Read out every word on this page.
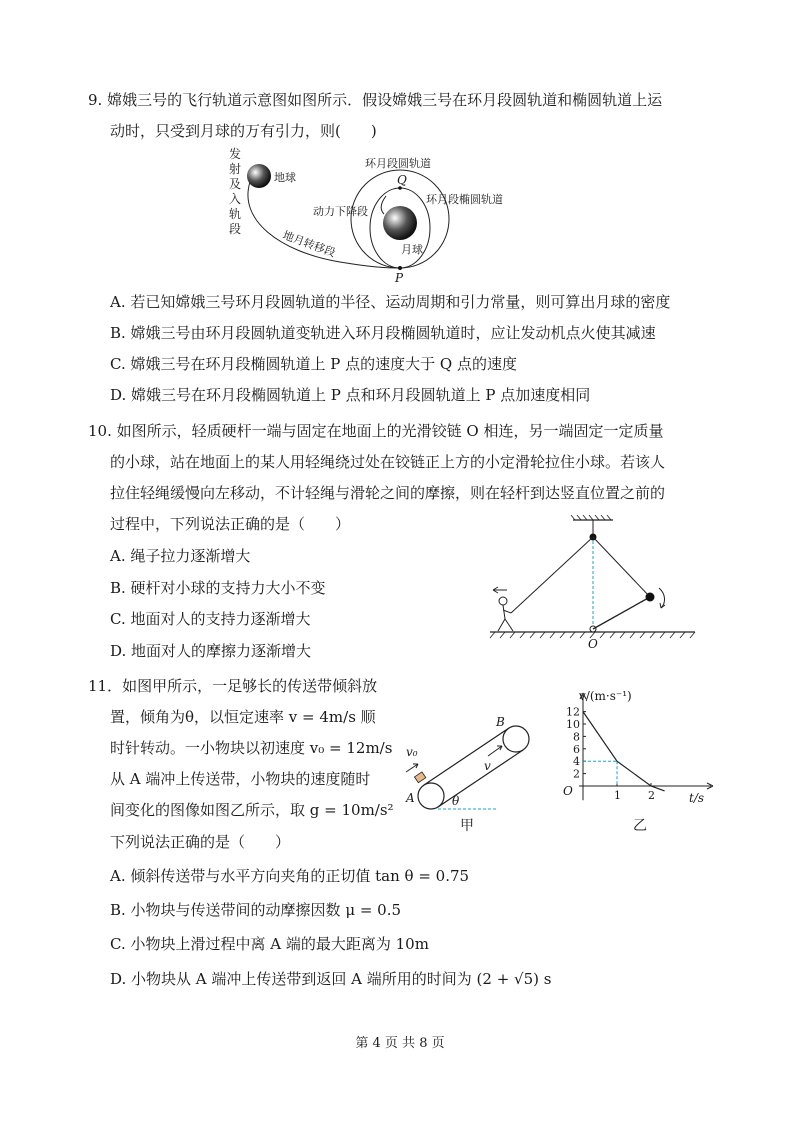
9. 嫦娥三号的飞行轨道示意图如图所示．假设嫦娥三号在环月段圆轨道和椭圆轨道上运
动时，只受到月球的万有引力，则(　　)
发
射
及
入
轨
段
地球
地月转移段
环月段圆轨道
环月段椭圆轨道
月球
动力下降段
Q
P
A. 若已知嫦娥三号环月段圆轨道的半径、运动周期和引力常量，则可算出月球的密度
B. 嫦娥三号由环月段圆轨道变轨进入环月段椭圆轨道时，应让发动机点火使其减速
C. 嫦娥三号在环月段椭圆轨道上 P 点的速度大于 Q 点的速度
D. 嫦娥三号在环月段椭圆轨道上 P 点和环月段圆轨道上 P 点加速度相同
10. 如图所示，轻质硬杆一端与固定在地面上的光滑铰链 O 相连，另一端固定一定质量
的小球，站在地面上的某人用轻绳绕过处在铰链正上方的小定滑轮拉住小球。若该人
拉住轻绳缓慢向左移动，不计轻绳与滑轮之间的摩擦，则在轻杆到达竖直位置之前的
过程中，下列说法正确的是（　　）
A. 绳子拉力逐渐增大
B. 硬杆对小球的支持力大小不变
C. 地面对人的支持力逐渐增大
D. 地面对人的摩擦力逐渐增大	O
11．如图甲所示，一足够长的传送带倾斜放
置，倾角为θ，以恒定速率 v = 4m/s 顺
时针转动。一小物块以初速度 v₀ = 12m/s
从 A 端冲上传送带，小物块的速度随时
间变化的图像如图乙所示，取 g = 10m/s²
下列说法正确的是（　　）
A. 倾斜传送带与水平方向夹角的正切值 tan θ = 0.75
B. 小物块与传送带间的动摩擦因数 μ = 0.5
C. 小物块上滑过程中离 A 端的最大距离为 10m
D. 小物块从 A 端冲上传送带到返回 A 端所用的时间为 (2 + √5) s
v₀
v
B
A	θ
甲
v/(m·s⁻¹)
t/s
O
乙
12
10
8
6
4
2
1 2
第 4 页 共 8 页
